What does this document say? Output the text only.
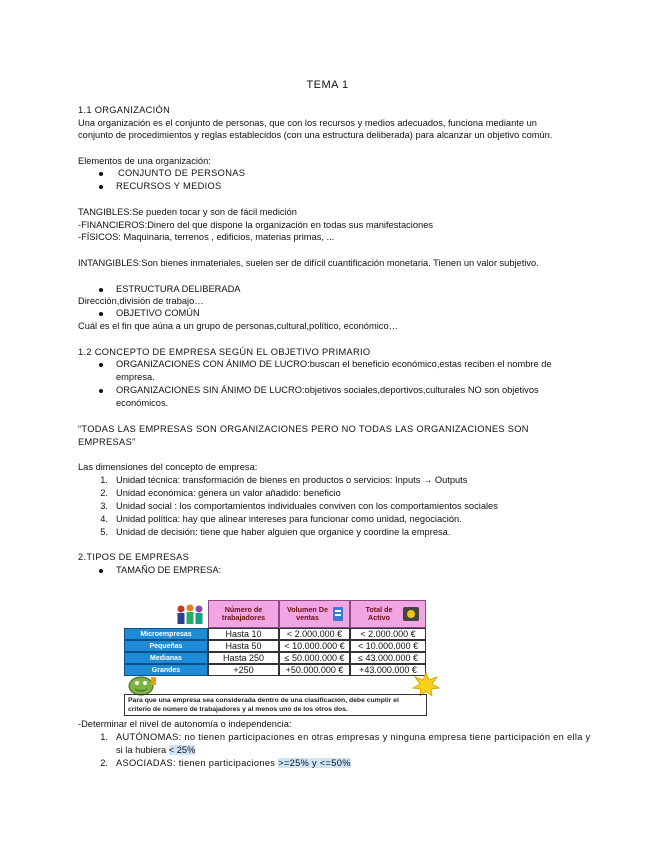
TEMA 1

1.1 ORGANIZACIÓN

Una organización es el conjunto de personas, que con los recursos y medios adecuados, funciona mediante un

conjunto de procedimientos y reglas establecidos (con una estructura deliberada) para alcanzar un objetivo común.

Elementos de una organización:

CONJUNTO DE PERSONAS

RECURSOS Y MEDIOS

TANGIBLES:Se pueden tocar y son de fácil medición

-FINANCIEROS:Dinero del que dispone la organización en todas sus manifestaciones

-FÍSICOS: Maquinaria, terrenos , edificios, materias primas, ...

INTANGIBLES:Son bienes inmateriales, suelen ser de difícil cuantificación monetaria. Tienen un valor subjetivo.

ESTRUCTURA DELIBERADA

Dirección,división de trabajo…

OBJETIVO COMÚN

Cuál es el fin que aúna a un grupo de personas,cultural,político, económico…

1.2 CONCEPTO DE EMPRESA SEGÚN EL OBJETIVO PRIMARIO

ORGANIZACIONES CON ÁNIMO DE LUCRO:buscan el beneficio económico,estas reciben el nombre de

empresa.

ORGANIZACIONES SIN ÁNIMO DE LUCRO:objetivos sociales,deportivos,culturales NO son objetivos

económicos.

“TODAS LAS EMPRESAS SON ORGANIZACIONES PERO NO TODAS LAS ORGANIZACIONES SON

EMPRESAS”

Las dimensiones del concepto de empresa:

1. Unidad técnica: transformación de bienes en productos o servicios: Inputs → Outputs

2. Unidad económica: genera un valor añadido: beneficio

3. Unidad social : los comportamientos individuales conviven con los comportamientos sociales

4. Unidad política: hay que alinear intereses para funcionar como unidad, negociación.

5. Unidad de decisión: tiene que haber alguien que organice y coordine la empresa.

2.TIPOS DE EMPRESAS

TAMAÑO DE EMPRESA:

Número de trabajadores
Volumen De ventas
Total de Activo
Microempresas	Hasta 10	< 2.000.000 €	< 2.000.000 €
Pequeñas	Hasta 50	< 10.000.000 €	< 10.000.000 €
Medianas	Hasta 250	≤ 50.000.000 €	≤ 43.000.000 €
Grandes	+250	+50.000.000 €	+43.000.000 €
Para que una empresa sea considerada dentro de una clasificación, debe cumplir el criterio de número de trabajadores y al menos uno de los otros dos.

-Determinar el nivel de autonomía o independencia:

1. AUTÓNOMAS: no tienen participaciones en otras empresas y ninguna empresa tiene participación en ella y

si la hubiera < 25%

2. ASOCIADAS: tienen participaciones >=25% y <=50%
